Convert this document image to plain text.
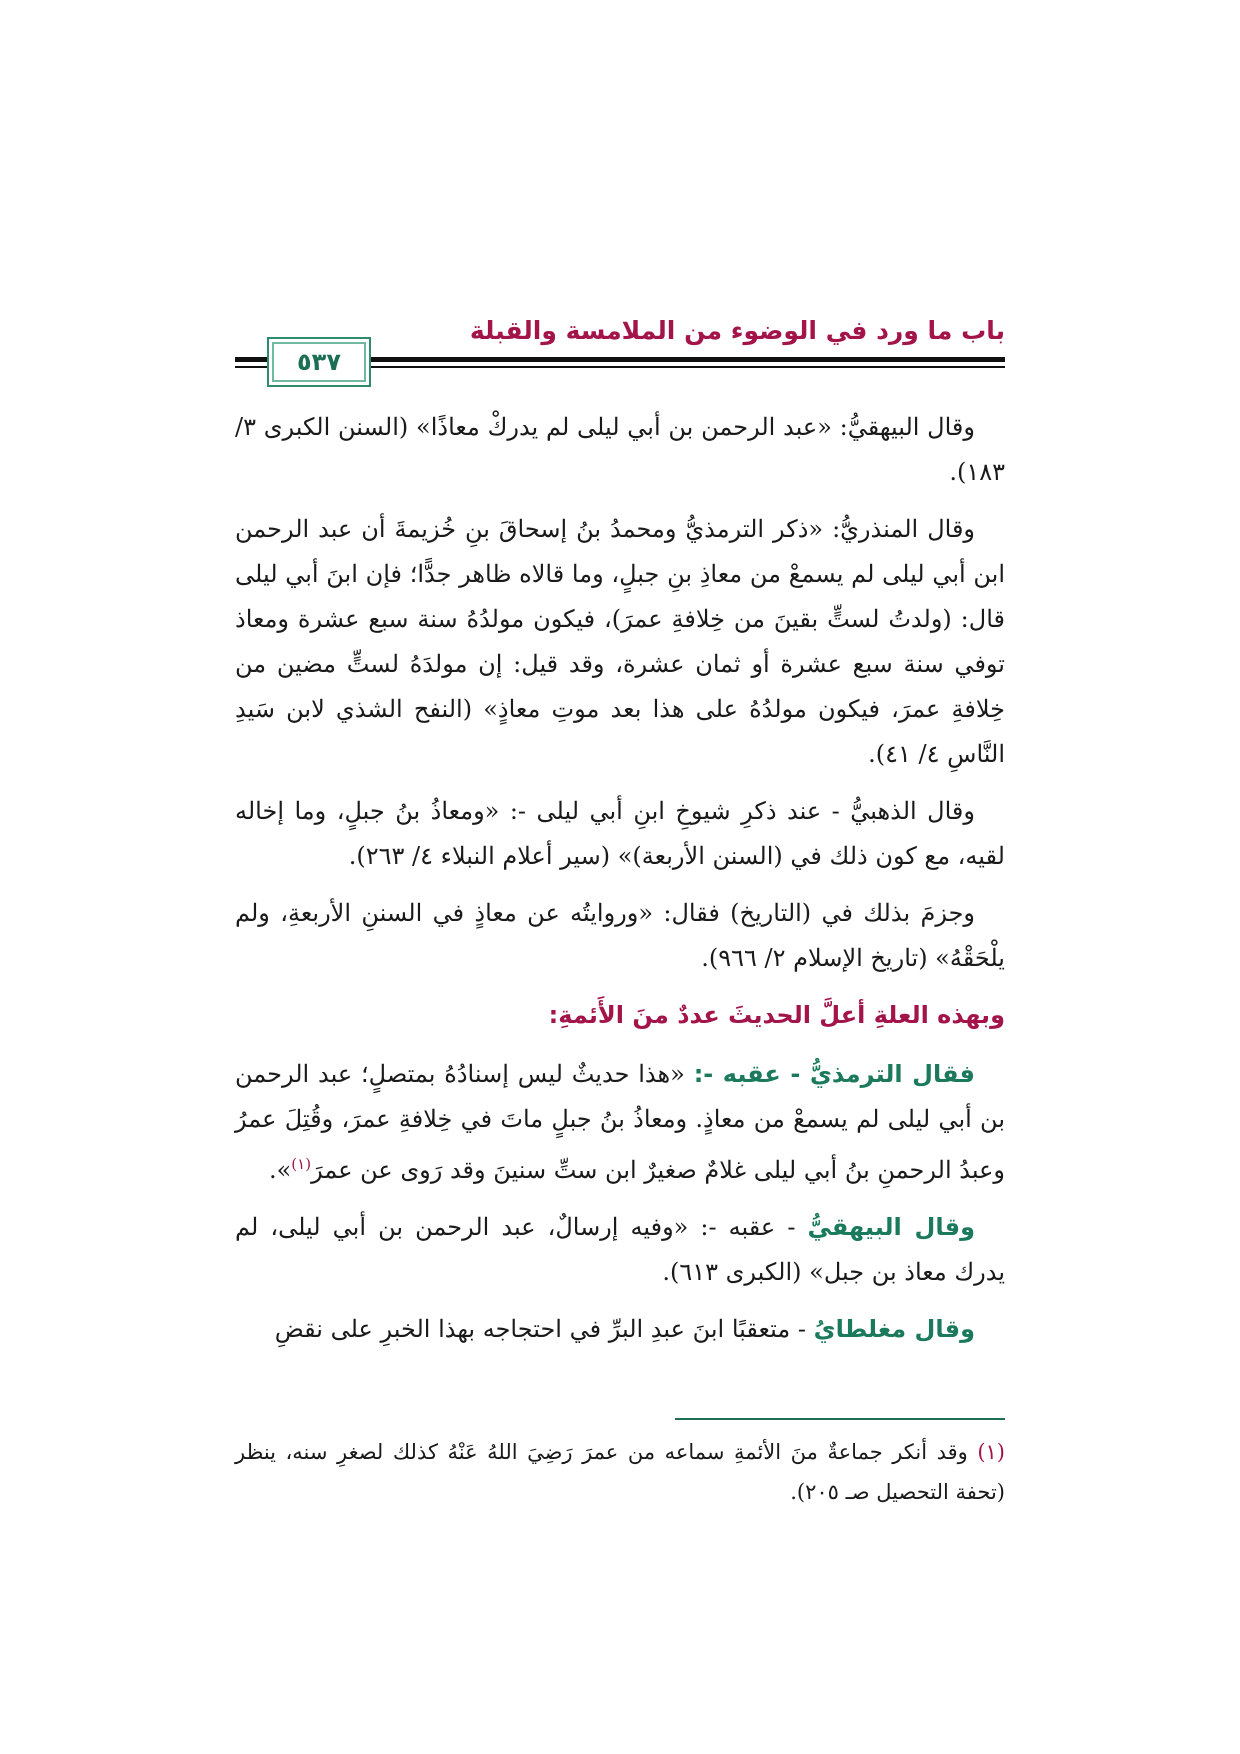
باب ما ورد في الوضوء من الملامسة والقبلة
٥٣٧

وقال البيهقيُّ: «عبد الرحمن بن أبي ليلى لم يدركْ معاذًا» (السنن الكبرى ٣/ ١٨٣).

وقال المنذريُّ: «ذكر الترمذيُّ ومحمدُ بنُ إسحاقَ بنِ خُزيمةَ أن عبد الرحمن ابن أبي ليلى لم يسمعْ من معاذِ بنِ جبلٍ، وما قالاه ظاهر جدًّا؛ فإن ابنَ أبي ليلى قال: (ولدتُ لستٍّ بقينَ من خِلافةِ عمرَ)، فيكون مولدُهُ سنة سبع عشرة ومعاذ توفي سنة سبع عشرة أو ثمان عشرة، وقد قيل: إن مولدَهُ لستٍّ مضين من خِلافةِ عمرَ، فيكون مولدُهُ على هذا بعد موتِ معاذٍ» (النفح الشذي لابن سَيدِ النَّاسِ ٤/ ٤١).

وقال الذهبيُّ - عند ذكرِ شيوخِ ابنِ أبي ليلى -: «ومعاذُ بنُ جبلٍ، وما إخاله لقيه، مع كون ذلك في (السنن الأربعة)» (سير أعلام النبلاء ٤/ ٢٦٣).

وجزمَ بذلك في (التاريخ) فقال: «وروايتُه عن معاذٍ في السننِ الأربعةِ، ولم يلْحَقْهُ» (تاريخ الإسلام ٢/ ٩٦٦).

وبهذه العلةِ أعلَّ الحديثَ عددٌ منَ الأَئمةِ:

فقال الترمذيُّ - عقبه -: «هذا حديثٌ ليس إسنادُهُ بمتصلٍ؛ عبد الرحمن بن أبي ليلى لم يسمعْ من معاذٍ. ومعاذُ بنُ جبلٍ ماتَ في خِلافةِ عمرَ، وقُتِلَ عمرُ وعبدُ الرحمنِ بنُ أبي ليلى غلامٌ صغيرٌ ابن ستِّ سنينَ وقد رَوى عن عمرَ$^{(١)}$».

وقال البيهقيُّ - عقبه -: «وفيه إرسالٌ، عبد الرحمن بن أبي ليلى، لم يدرك معاذ بن جبل» (الكبرى ٦١٣).

وقال مغلطايُ - متعقبًا ابنَ عبدِ البرِّ في احتجاجه بهذا الخبرِ على نقضِ

(١) وقد أنكر جماعةٌ منَ الأئمةِ سماعه من عمرَ رَضِيَ اللهُ عَنْهُ كذلك لصغرِ سنه، ينظر (تحفة التحصيل صـ ٢٠٥).
